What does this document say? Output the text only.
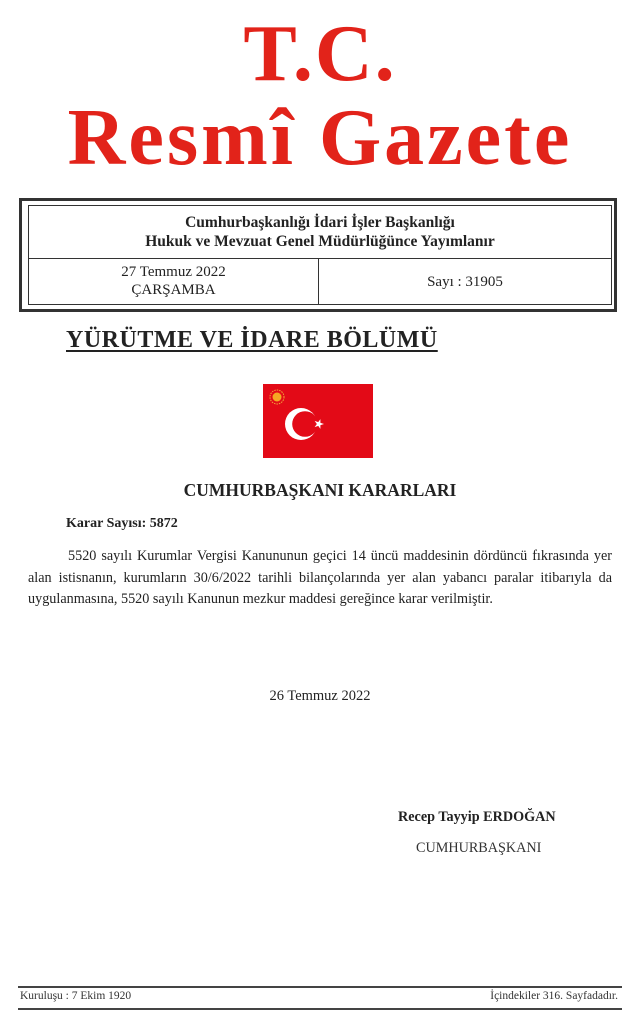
T.C.
Resmî Gazete
Cumhurbaşkanlığı İdari İşler Başkanlığı
Hukuk ve Mevzuat Genel Müdürlüğünce Yayımlanır
27 Temmuz 2022
ÇARŞAMBA	Sayı : 31905
YÜRÜTME VE İDARE BÖLÜMÜ
CUMHURBAŞKANI KARARLARI
Karar Sayısı: 5872
5520 sayılı Kurumlar Vergisi Kanununun geçici 14 üncü maddesinin dördüncü fıkrasında yer alan istisnanın, kurumların 30/6/2022 tarihli bilançolarında yer alan yabancı paralar itibarıyla da uygulanmasına, 5520 sayılı Kanunun mezkur maddesi gereğince karar verilmiştir.
26 Temmuz 2022
Recep Tayyip ERDOĞAN
CUMHURBAŞKANI
Kuruluşu : 7 Ekim 1920	İçindekiler 316. Sayfadadır.
